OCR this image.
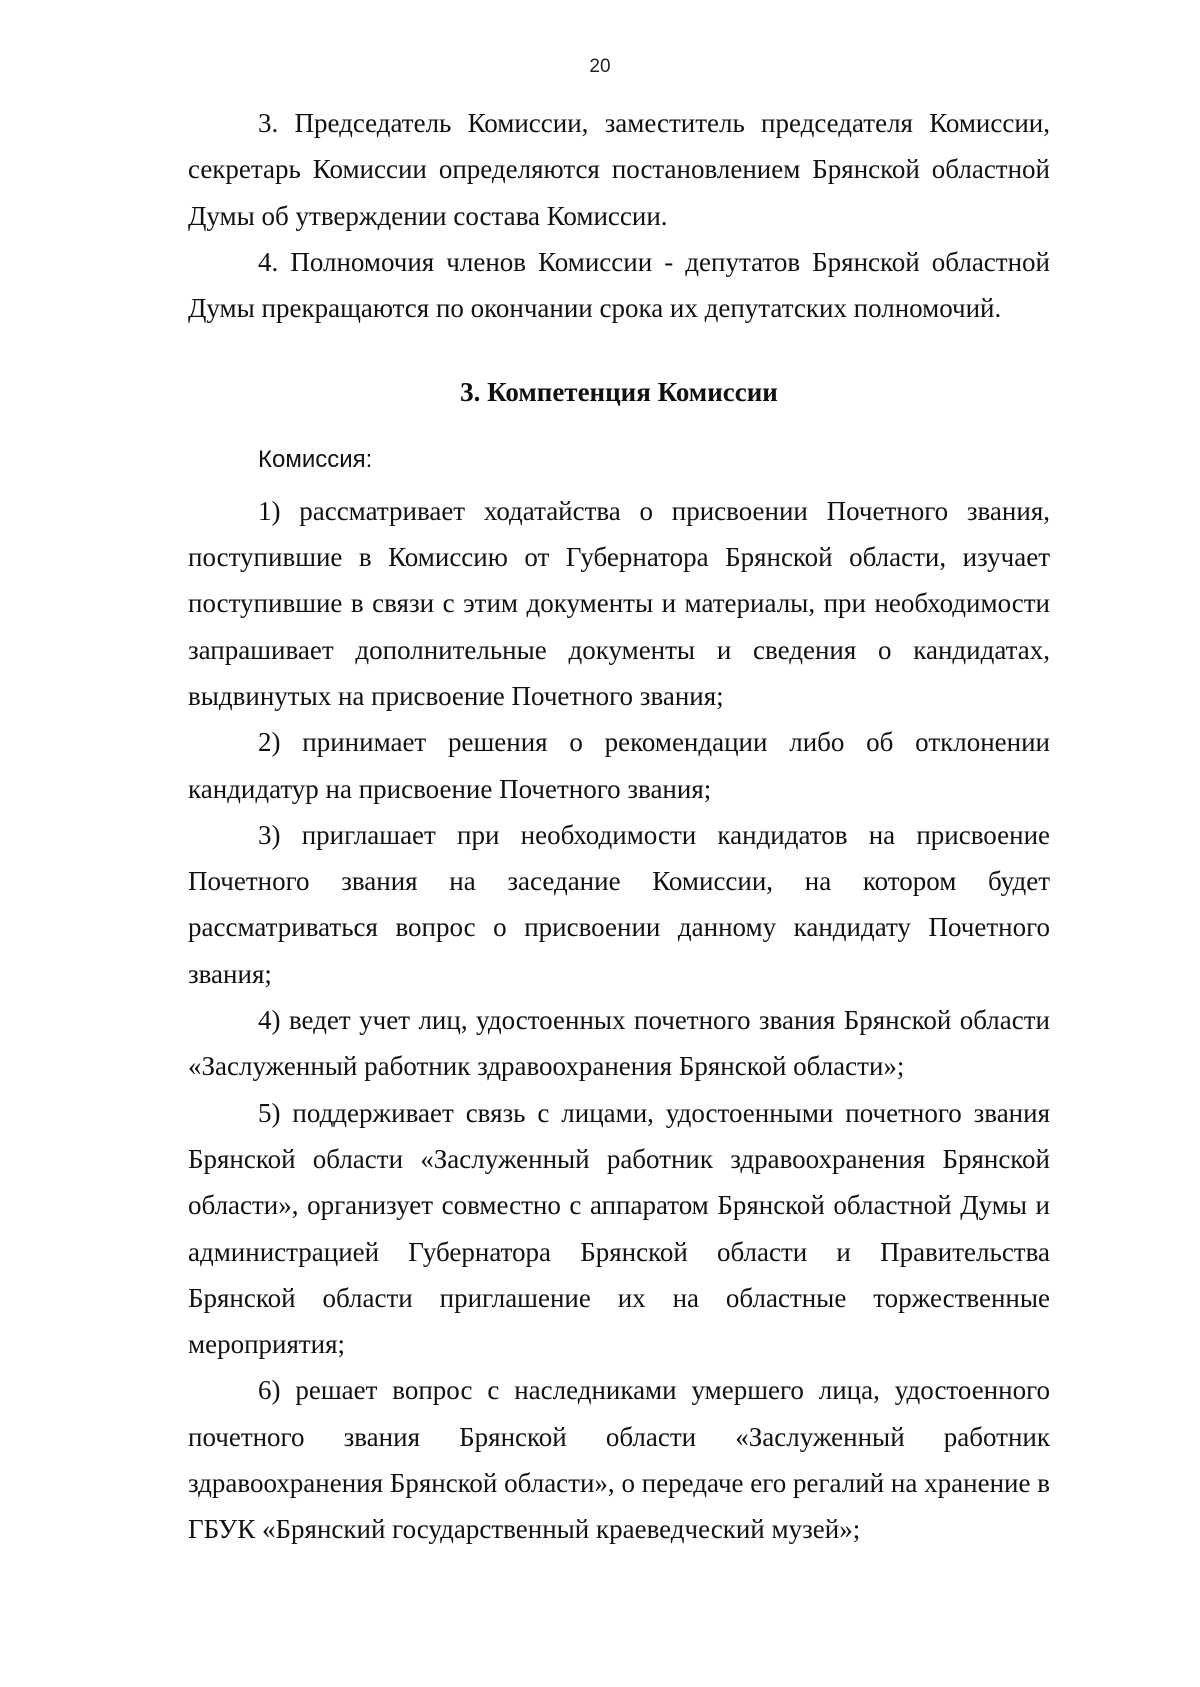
20

3. Председатель Комиссии, заместитель председателя Комиссии, секретарь Комиссии определяются постановлением Брянской областной Думы об утверждении состава Комиссии.

4. Полномочия членов Комиссии - депутатов Брянской областной Думы прекращаются по окончании срока их депутатских полномочий.

3. Компетенция Комиссии

Комиссия:

1) рассматривает ходатайства о присвоении Почетного звания, поступившие в Комиссию от Губернатора Брянской области, изучает поступившие в связи с этим документы и материалы, при необходимости запрашивает дополнительные документы и сведения о кандидатах, выдвинутых на присвоение Почетного звания;

2) принимает решения о рекомендации либо об отклонении кандидатур на присвоение Почетного звания;

3) приглашает при необходимости кандидатов на присвоение Почетного звания на заседание Комиссии, на котором будет рассматриваться вопрос о присвоении данному кандидату Почетного звания;

4) ведет учет лиц, удостоенных почетного звания Брянской области «Заслуженный работник здравоохранения Брянской области»;

5) поддерживает связь с лицами, удостоенными почетного звания Брянской области «Заслуженный работник здравоохранения Брянской области», организует совместно с аппаратом Брянской областной Думы и администрацией Губернатора Брянской области и Правительства Брянской области приглашение их на областные торжественные мероприятия;

6) решает вопрос с наследниками умершего лица, удостоенного почетного звания Брянской области «Заслуженный работник здравоохранения Брянской области», о передаче его регалий на хранение в ГБУК «Брянский государственный краеведческий музей»;
